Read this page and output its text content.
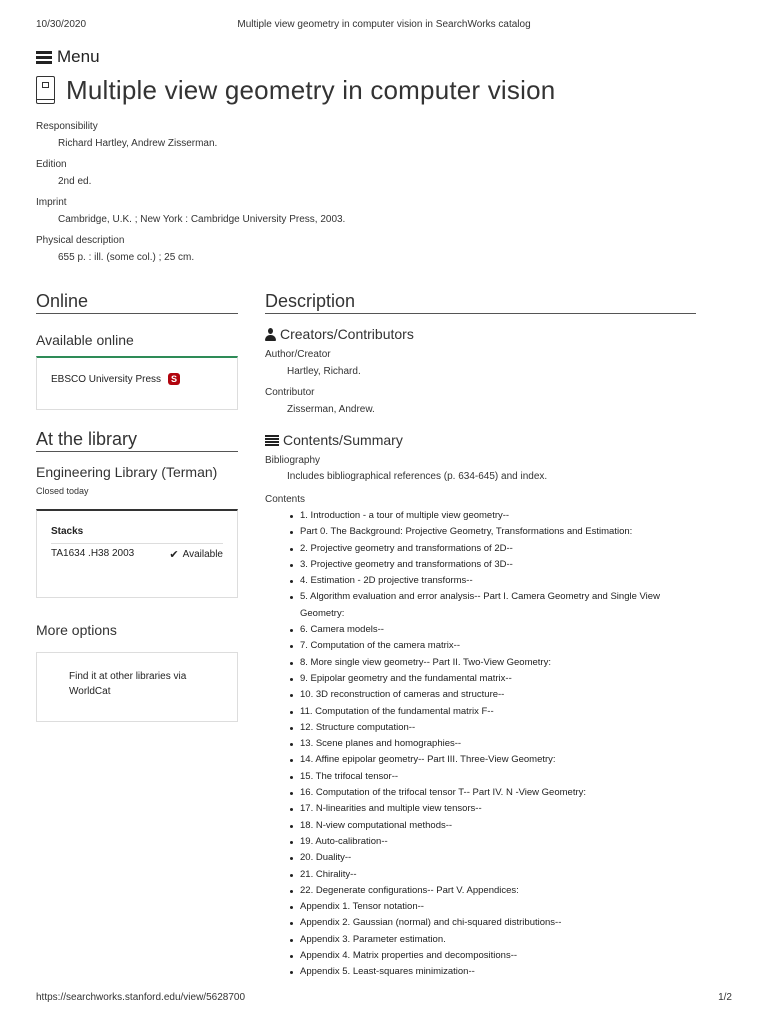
10/30/2020	Multiple view geometry in computer vision in SearchWorks catalog
Menu
Multiple view geometry in computer vision
Responsibility
Richard Hartley, Andrew Zisserman.
Edition
2nd ed.
Imprint
Cambridge, U.K. ; New York : Cambridge University Press, 2003.
Physical description
655 p. : ill. (some col.) ; 25 cm.
Online
Available online
EBSCO University Press	S
At the library
Engineering Library (Terman)
Closed today
Stacks
TA1634 .H38 2003	✔ Available
More options
Find it at other libraries via WorldCat
Description
Creators/Contributors
Author/Creator
Hartley, Richard.
Contributor
Zisserman, Andrew.
Contents/Summary
Bibliography
Includes bibliographical references (p. 634-645) and index.
Contents
1. Introduction - a tour of multiple view geometry--
Part 0. The Background: Projective Geometry, Transformations and Estimation:
2. Projective geometry and transformations of 2D--
3. Projective geometry and transformations of 3D--
4. Estimation - 2D projective transforms--
5. Algorithm evaluation and error analysis-- Part I. Camera Geometry and Single View Geometry:
6. Camera models--
7. Computation of the camera matrix--
8. More single view geometry-- Part II. Two-View Geometry:
9. Epipolar geometry and the fundamental matrix--
10. 3D reconstruction of cameras and structure--
11. Computation of the fundamental matrix F--
12. Structure computation--
13. Scene planes and homographies--
14. Affine epipolar geometry-- Part III. Three-View Geometry:
15. The trifocal tensor--
16. Computation of the trifocal tensor T-- Part IV. N -View Geometry:
17. N-linearities and multiple view tensors--
18. N-view computational methods--
19. Auto-calibration--
20. Duality--
21. Chirality--
22. Degenerate configurations-- Part V. Appendices:
Appendix 1. Tensor notation--
Appendix 2. Gaussian (normal) and chi-squared distributions--
Appendix 3. Parameter estimation.
Appendix 4. Matrix properties and decompositions--
Appendix 5. Least-squares minimization--
https://searchworks.stanford.edu/view/5628700	1/2
